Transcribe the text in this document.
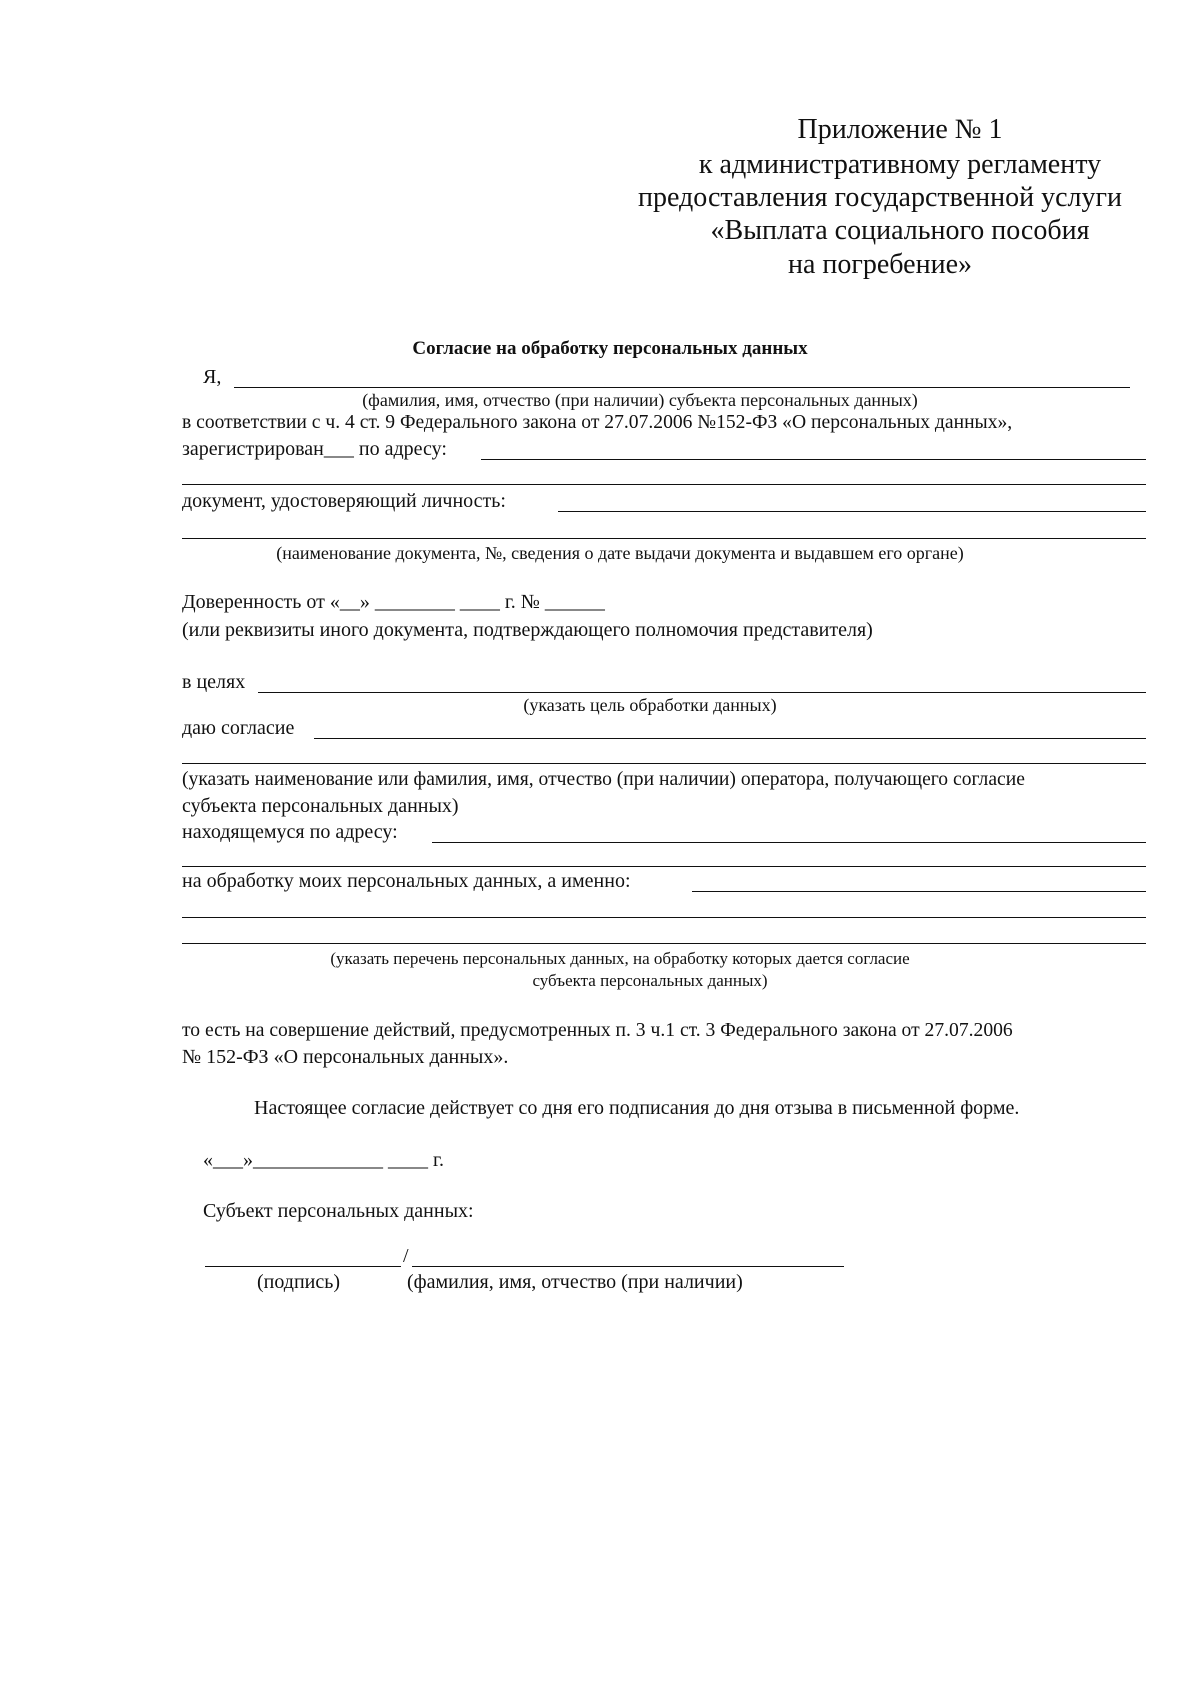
Приложение № 1
к административному регламенту
предоставления государственной услуги
«Выплата социального пособия
на погребение»
Согласие на обработку персональных данных
Я,
(фамилия, имя, отчество (при наличии) субъекта персональных данных)
в соответствии с ч. 4 ст. 9 Федерального закона от 27.07.2006 №152-ФЗ «О персональных данных»,
зарегистрирован___ по адресу:
документ, удостоверяющий личность:
(наименование документа, №, сведения о дате выдачи документа и выдавшем его органе)
Доверенность от «__» ________ ____ г. № ______
(или реквизиты иного документа, подтверждающего полномочия представителя)
в целях
(указать цель обработки данных)
даю согласие
(указать наименование или фамилия, имя, отчество (при наличии) оператора, получающего согласие
субъекта персональных данных)
находящемуся по адресу:
на обработку моих персональных данных, а именно:
(указать перечень персональных данных, на обработку которых дается согласие
субъекта персональных данных)
то есть на совершение действий, предусмотренных п. 3 ч.1 ст. 3 Федерального закона от 27.07.2006
№ 152-ФЗ «О персональных данных».
Настоящее согласие действует со дня его подписания до дня отзыва в письменной форме.
«___»_____________ ____ г.
Субъект персональных данных:
/
(подпись)	(фамилия, имя, отчество (при наличии)
